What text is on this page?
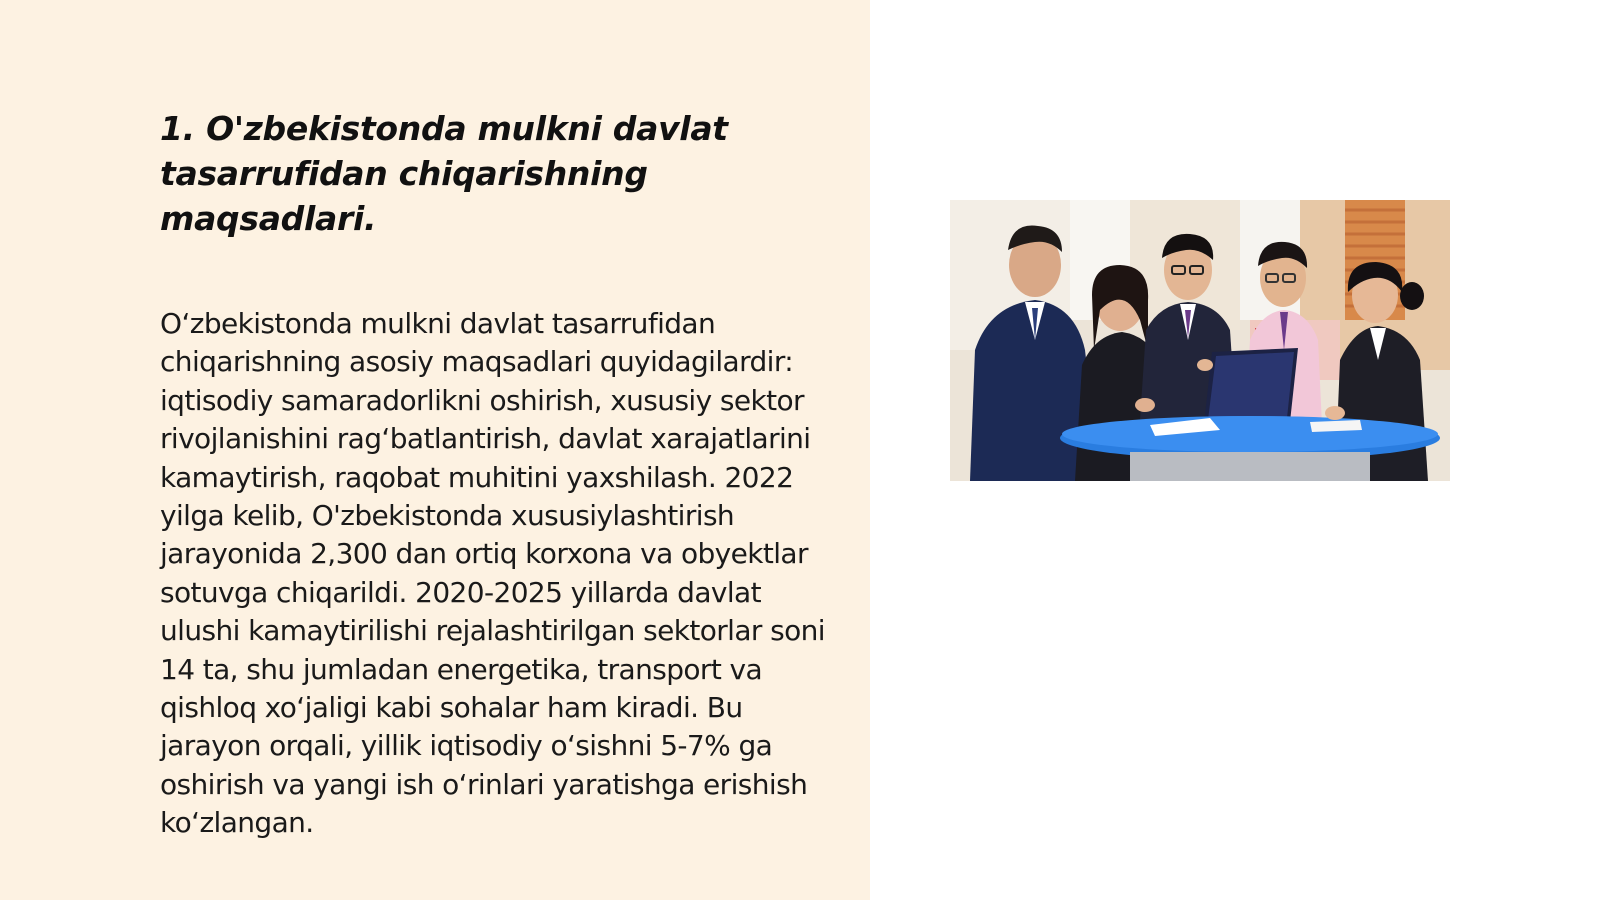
1. O'zbekistonda mulkni davlat tasarrufidan chiqarishning maqsadlari.

O‘zbekistonda mulkni davlat tasarrufidan chiqarishning asosiy maqsadlari quyidagilardir: iqtisodiy samaradorlikni oshirish, xususiy sektor rivojlanishini rag‘batlantirish, davlat xarajatlarini kamaytirish, raqobat muhitini yaxshilash. 2022 yilga kelib, O'zbekistonda xususiylashtirish jarayonida 2,300 dan ortiq korxona va obyektlar sotuvga chiqarildi. 2020-2025 yillarda davlat ulushi kamaytirilishi rejalashtirilgan sektorlar soni 14 ta, shu jumladan energetika, transport va qishloq xo‘jaligi kabi sohalar ham kiradi. Bu jarayon orqali, yillik iqtisodiy o‘sishni 5-7% ga oshirish va yangi ish o‘rinlari yaratishga erishish ko‘zlangan.
